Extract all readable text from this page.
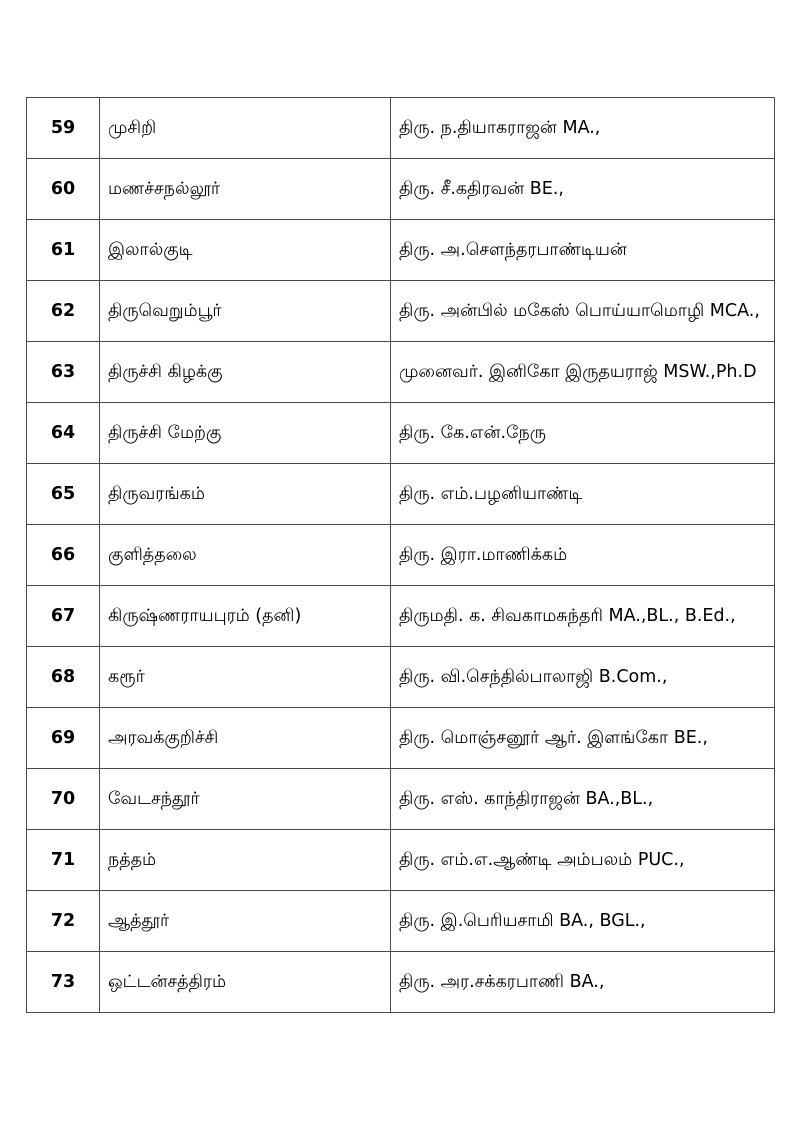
59	முசிறி	திரு. ந.தியாகராஜன் MA.,
60	மணச்சநல்லூர்	திரு. சீ.கதிரவன் BE.,
61	இலால்குடி	திரு. அ.சௌந்தரபாண்டியன்
62	திருவெறும்பூர்	திரு. அன்பில் மகேஸ் பொய்யாமொழி MCA.,
63	திருச்சி கிழக்கு	முனைவர். இனிகோ இருதயராஜ் MSW.,Ph.D
64	திருச்சி மேற்கு	திரு. கே.என்.நேரு
65	திருவரங்கம்	திரு. எம்.பழனியாண்டி
66	குளித்தலை	திரு. இரா.மாணிக்கம்
67	கிருஷ்ணராயபுரம் (தனி)	திருமதி. க. சிவகாமசுந்தரி MA.,BL., B.Ed.,
68	கரூர்	திரு. வி.செந்தில்பாலாஜி B.Com.,
69	அரவக்குறிச்சி	திரு. மொஞ்சனூர் ஆர். இளங்கோ BE.,
70	வேடசந்தூர்	திரு. எஸ். காந்திராஜன் BA.,BL.,
71	நத்தம்	திரு. எம்.எ.ஆண்டி அம்பலம் PUC.,
72	ஆத்தூர்	திரு. இ.பெரியசாமி BA., BGL.,
73	ஒட்டன்சத்திரம்	திரு. அர.சக்கரபாணி BA.,
